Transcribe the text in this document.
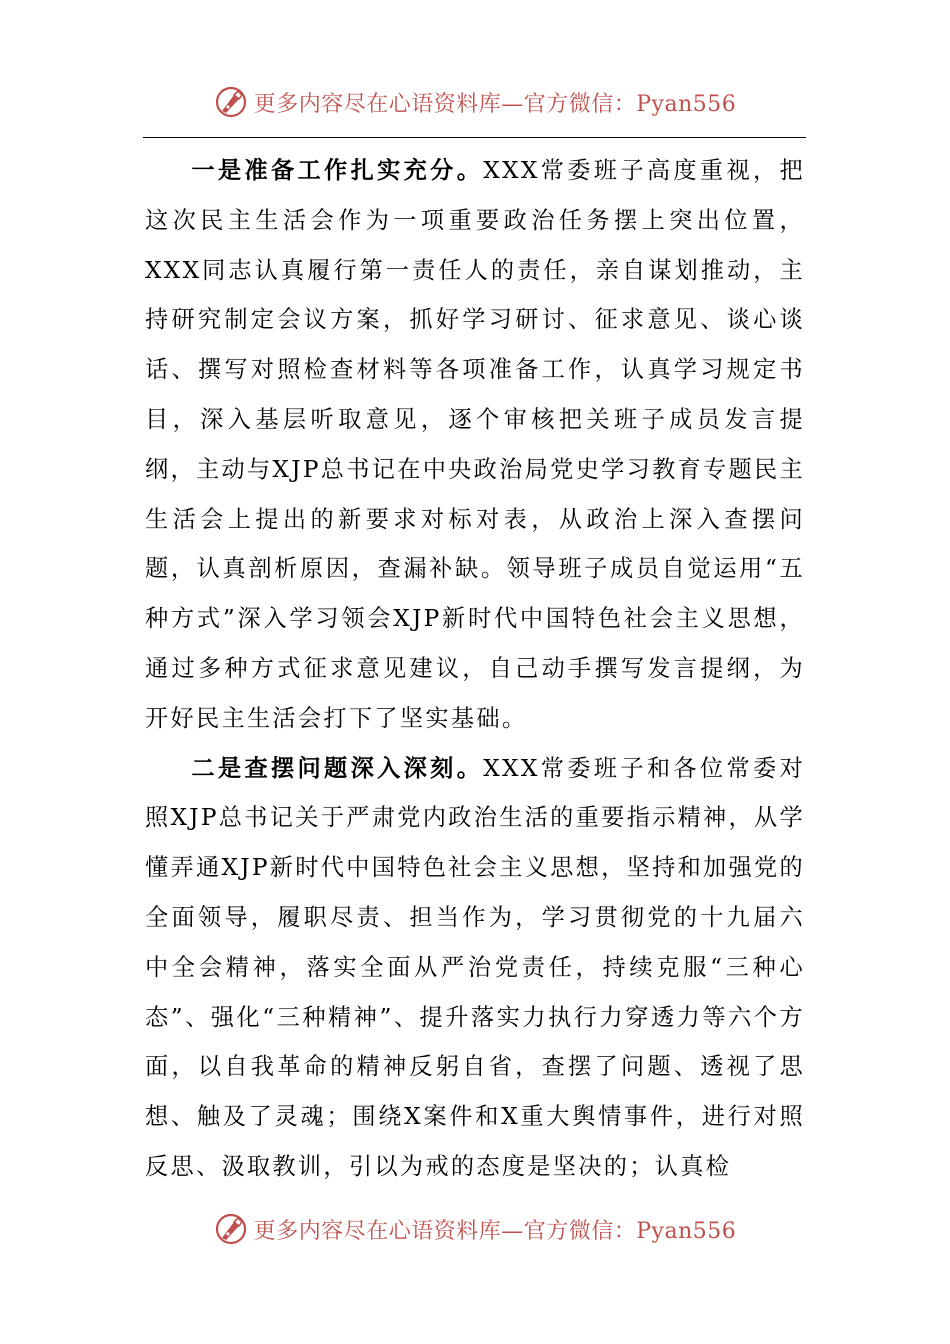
更多内容尽在心语资料库—官方微信：Pyan556

一是准备工作扎实充分。XXX常委班子高度重视，把这次民主生活会作为一项重要政治任务摆上突出位置，XXX同志认真履行第一责任人的责任，亲自谋划推动，主持研究制定会议方案，抓好学习研讨、征求意见、谈心谈话、撰写对照检查材料等各项准备工作，认真学习规定书目，深入基层听取意见，逐个审核把关班子成员发言提纲，主动与XJP总书记在中央政治局党史学习教育专题民主生活会上提出的新要求对标对表，从政治上深入查摆问题，认真剖析原因，查漏补缺。领导班子成员自觉运用“五种方式”深入学习领会XJP新时代中国特色社会主义思想，通过多种方式征求意见建议，自己动手撰写发言提纲，为开好民主生活会打下了坚实基础。

二是查摆问题深入深刻。XXX常委班子和各位常委对照XJP总书记关于严肃党内政治生活的重要指示精神，从学懂弄通XJP新时代中国特色社会主义思想，坚持和加强党的全面领导，履职尽责、担当作为，学习贯彻党的十九届六中全会精神，落实全面从严治党责任，持续克服“三种心态”、强化“三种精神”、提升落实力执行力穿透力等六个方面，以自我革命的精神反躬自省，查摆了问题、透视了思想、触及了灵魂；围绕X案件和X重大舆情事件，进行对照反思、汲取教训，引以为戒的态度是坚决的；认真检

更多内容尽在心语资料库—官方微信：Pyan556
